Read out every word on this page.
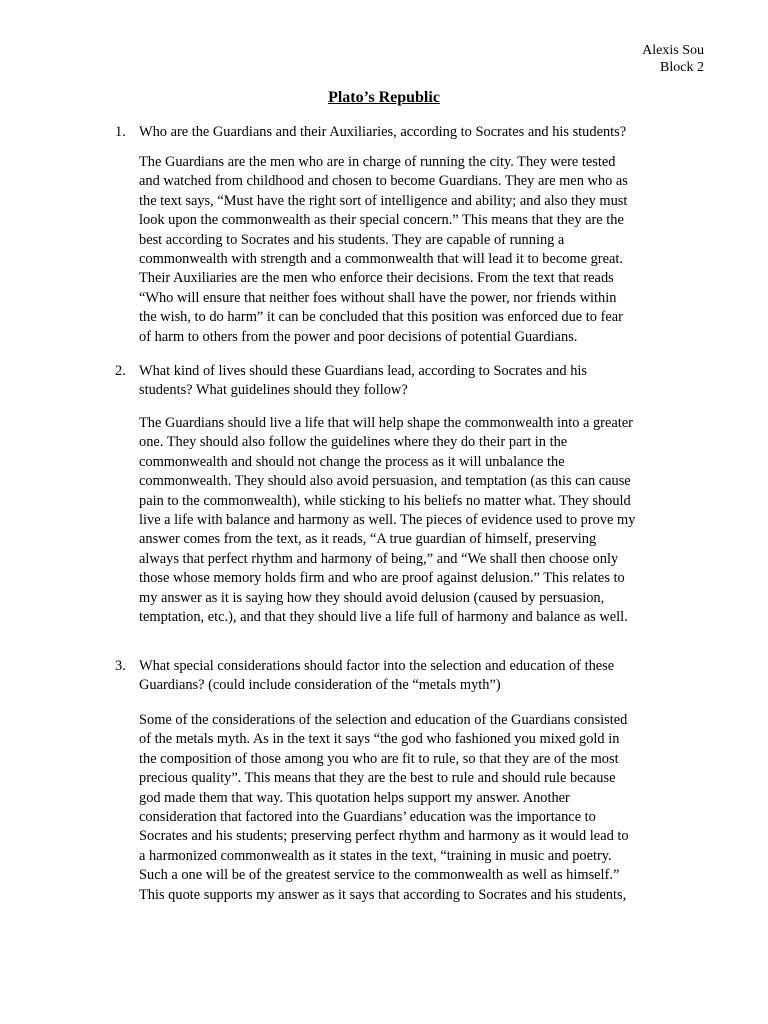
Alexis Sou
Block 2
Plato’s Republic
1. Who are the Guardians and their Auxiliaries, according to Socrates and his students?
The Guardians are the men who are in charge of running the city. They were tested
and watched from childhood and chosen to become Guardians. They are men who as
the text says, “Must have the right sort of intelligence and ability; and also they must
look upon the commonwealth as their special concern.” This means that they are the
best according to Socrates and his students. They are capable of running a
commonwealth with strength and a commonwealth that will lead it to become great.
Their Auxiliaries are the men who enforce their decisions. From the text that reads
“Who will ensure that neither foes without shall have the power, nor friends within
the wish, to do harm” it can be concluded that this position was enforced due to fear
of harm to others from the power and poor decisions of potential Guardians.
2. What kind of lives should these Guardians lead, according to Socrates and his
students? What guidelines should they follow?
The Guardians should live a life that will help shape the commonwealth into a greater
one. They should also follow the guidelines where they do their part in the
commonwealth and should not change the process as it will unbalance the
commonwealth. They should also avoid persuasion, and temptation (as this can cause
pain to the commonwealth), while sticking to his beliefs no matter what. They should
live a life with balance and harmony as well. The pieces of evidence used to prove my
answer comes from the text, as it reads, “A true guardian of himself, preserving
always that perfect rhythm and harmony of being,” and “We shall then choose only
those whose memory holds firm and who are proof against delusion.” This relates to
my answer as it is saying how they should avoid delusion (caused by persuasion,
temptation, etc.), and that they should live a life full of harmony and balance as well.
3. What special considerations should factor into the selection and education of these
Guardians? (could include consideration of the “metals myth”)
Some of the considerations of the selection and education of the Guardians consisted
of the metals myth. As in the text it says “the god who fashioned you mixed gold in
the composition of those among you who are fit to rule, so that they are of the most
precious quality”. This means that they are the best to rule and should rule because
god made them that way. This quotation helps support my answer. Another
consideration that factored into the Guardians’ education was the importance to
Socrates and his students; preserving perfect rhythm and harmony as it would lead to
a harmonized commonwealth as it states in the text, “training in music and poetry.
Such a one will be of the greatest service to the commonwealth as well as himself.”
This quote supports my answer as it says that according to Socrates and his students,
